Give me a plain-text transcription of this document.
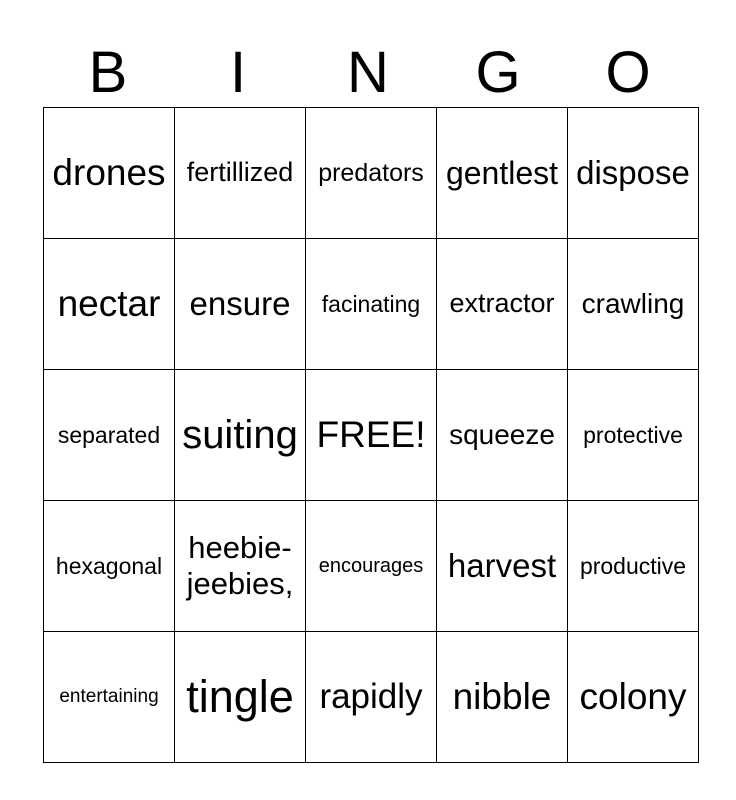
B	I	N	G	O
drones	fertillized	predators	gentlest	dispose
nectar	ensure	facinating	extractor	crawling
separated	suiting	FREE!	squeeze	protective
hexagonal	heebie-jeebies,	encourages	harvest	productive
entertaining	tingle	rapidly	nibble	colony
